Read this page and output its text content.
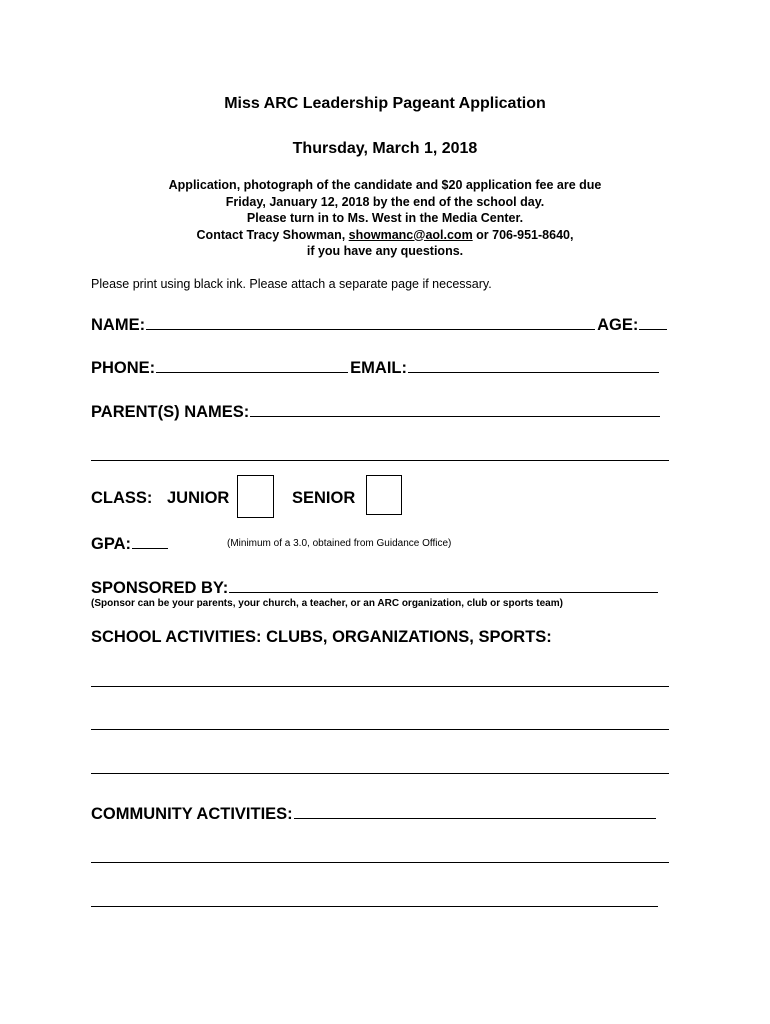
Miss ARC Leadership Pageant Application
Thursday, March 1, 2018
Application, photograph of the candidate and $20 application fee are due
Friday, January 12, 2018 by the end of the school day.
Please turn in to Ms. West in the Media Center.
Contact Tracy Showman, showmanc@aol.com or 706-951-8640,
if you have any questions.
Please print using black ink. Please attach a separate page if necessary.
NAME:	AGE:
PHONE:	EMAIL:
PARENT(S) NAMES:
CLASS: JUNIOR	SENIOR
GPA:	(Minimum of a 3.0, obtained from Guidance Office)
SPONSORED BY:
(Sponsor can be your parents, your church, a teacher, or an ARC organization, club or sports team)
SCHOOL ACTIVITIES: CLUBS, ORGANIZATIONS, SPORTS:
COMMUNITY ACTIVITIES:
